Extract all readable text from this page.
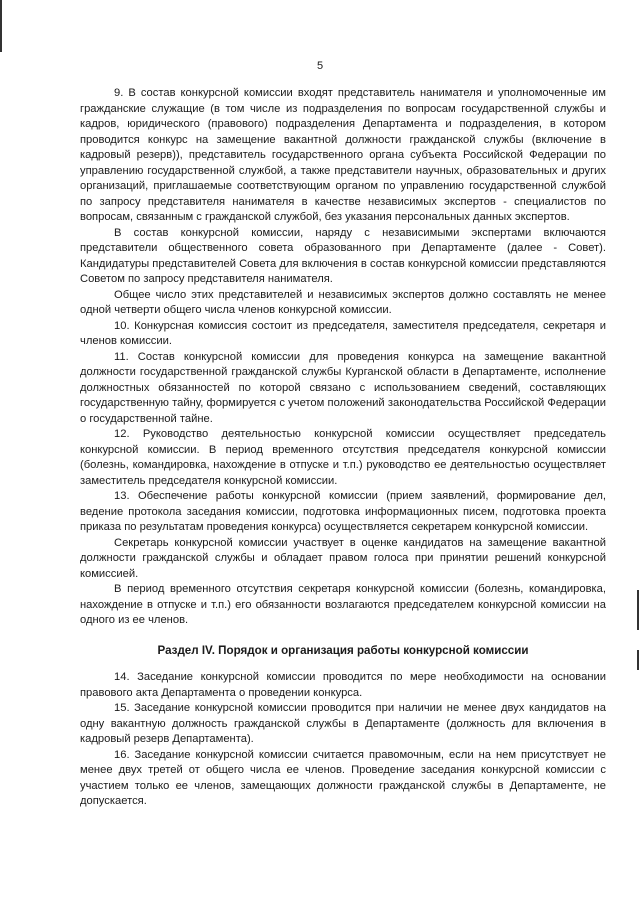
5

9. В состав конкурсной комиссии входят представитель нанимателя и уполномоченные им гражданские служащие (в том числе из подразделения по вопросам государственной службы и кадров, юридического (правового) подразделения Департамента и подразделения, в котором проводится конкурс на замещение вакантной должности гражданской службы (включение в кадровый резерв)), представитель государственного органа субъекта Российской Федерации по управлению государственной службой, а также представители научных, образовательных и других организаций, приглашаемые соответствующим органом по управлению государственной службой по запросу представителя нанимателя в качестве независимых экспертов - специалистов по вопросам, связанным с гражданской службой, без указания персональных данных экспертов.

В состав конкурсной комиссии, наряду с независимыми экспертами включаются представители общественного совета образованного при Департаменте (далее - Совет). Кандидатуры представителей Совета для включения в состав конкурсной комиссии представляются Советом по запросу представителя нанимателя.

Общее число этих представителей и независимых экспертов должно составлять не менее одной четверти общего числа членов конкурсной комиссии.

10. Конкурсная комиссия состоит из председателя, заместителя председателя, секретаря и членов комиссии.

11. Состав конкурсной комиссии для проведения конкурса на замещение вакантной должности государственной гражданской службы Курганской области в Департаменте, исполнение должностных обязанностей по которой связано с использованием сведений, составляющих государственную тайну, формируется с учетом положений законодательства Российской Федерации о государственной тайне.

12. Руководство деятельностью конкурсной комиссии осуществляет председатель конкурсной комиссии. В период временного отсутствия председателя конкурсной комиссии (болезнь, командировка, нахождение в отпуске и т.п.) руководство ее деятельностью осуществляет заместитель председателя конкурсной комиссии.

13. Обеспечение работы конкурсной комиссии (прием заявлений, формирование дел, ведение протокола заседания комиссии, подготовка информационных писем, подготовка проекта приказа по результатам проведения конкурса) осуществляется секретарем конкурсной комиссии.

Секретарь конкурсной комиссии участвует в оценке кандидатов на замещение вакантной должности гражданской службы и обладает правом голоса при принятии решений конкурсной комиссией.

В период временного отсутствия секретаря конкурсной комиссии (болезнь, командировка, нахождение в отпуске и т.п.) его обязанности возлагаются председателем конкурсной комиссии на одного из ее членов.

Раздел IV. Порядок и организация работы конкурсной комиссии

14. Заседание конкурсной комиссии проводится по мере необходимости на основании правового акта Департамента о проведении конкурса.

15. Заседание конкурсной комиссии проводится при наличии не менее двух кандидатов на одну вакантную должность гражданской службы в Департаменте (должность для включения в кадровый резерв Департамента).

16. Заседание конкурсной комиссии считается правомочным, если на нем присутствует не менее двух третей от общего числа ее членов. Проведение заседания конкурсной комиссии с участием только ее членов, замещающих должности гражданской службы в Департаменте, не допускается.
